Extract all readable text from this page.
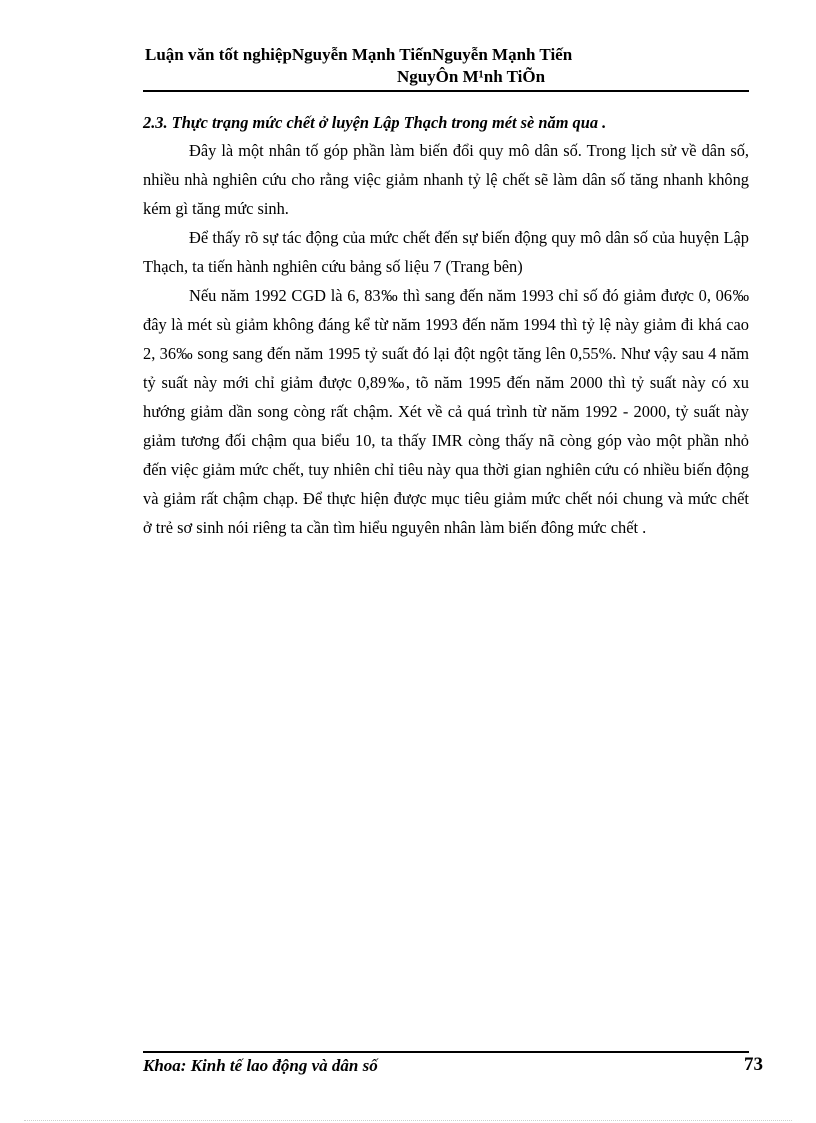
Luận văn tốt nghiệpNguyễn Mạnh TiếnNguyễn Mạnh Tiến
NguyÔn M¹nh TiÕn

2.3. Thực trạng mức chết ở luyện Lập Thạch trong mét sè năm qua .

Đây là một nhân tố góp phần làm biến đổi quy mô dân số. Trong lịch sử về dân số, nhiều nhà nghiên cứu cho rằng việc giảm nhanh tỷ lệ chết sẽ làm dân số tăng nhanh không kém gì tăng mức sinh.

Để thấy rõ sự tác động của mức chết đến sự biến động quy mô dân số của huyện Lập Thạch, ta tiến hành nghiên cứu bảng số liệu 7 (Trang bên)

Nếu năm 1992 CGD là 6, 83‰ thì sang đến năm 1993 chỉ số đó giảm được 0, 06‰ đây là mét sù giảm không đáng kể từ năm 1993 đến năm 1994 thì tỷ lệ này giảm đi khá cao 2, 36‰ song sang đến năm 1995 tỷ suất đó lại đột ngột tăng lên 0,55%. Như vậy sau 4 năm tỷ suất này mới chỉ giảm được 0,89‰, tõ năm 1995 đến năm 2000 thì tỷ suất này có xu hướng giảm dần song còng rất chậm. Xét về cả quá trình từ năm 1992 - 2000, tỷ suất này giảm tương đối chậm qua biểu 10, ta thấy IMR còng thấy nã còng góp vào một phần nhỏ đến việc giảm mức chết, tuy nhiên chỉ tiêu này qua thời gian nghiên cứu có nhiều biến động và giảm rất chậm chạp. Để thực hiện được mục tiêu giảm mức chết nói chung và mức chết ở trẻ sơ sinh nói riêng ta cần tìm hiểu nguyên nhân làm biến đông mức chết .

Khoa: Kinh tế lao động và dân số	73
